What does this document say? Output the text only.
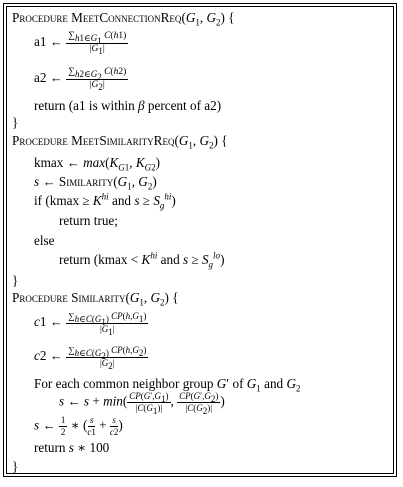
Procedure $MeetConnectionReq(G_1$, $G_2$) {
a1 ← $\frac{\sum_{h1\in G_1} C(h1)}{|G_1|}$
a2 ← $\frac{\sum_{h2\in G_2} C(h2)}{|G_2|}$
return (a1 is within β percent of a2)
}
Procedure $MeetSimilarityReq(G_1$, $G_2$) {
kmax ← $\max(K_{G1}$, $K_{G2}$)
s ← $Similarity(G_1$, $G_2$)
if ($kmax \ge K^{hi}$ and $s \ge S_g^{hi}$)
return true;
else
return ($kmax < K^{hi}$ and $s \ge S_g^{lo}$)
}
Procedure $Similarity(G_1$, $G_2$) {
c1 ← $\frac{\sum_{h\in C(G_1)} CP(h,G_1)}{|G_1|}$
c2 ← $\frac{\sum_{h\in C(G_2)} CP(h,G_2)}{|G_2|}$
For each common neighbor group G′ of $G_1$ and $G_2$
s ← $s + \min( \frac{CP(G',G_1)}{|C(G_1)|}$ , $\frac{CP(G',G_2)}{|C(G_2)|}$ )
s ← $\frac{1}{2}$ ∗ ( $\frac{s}{c1} + \frac{s}{c2}$ )
return s ∗ 100
}
